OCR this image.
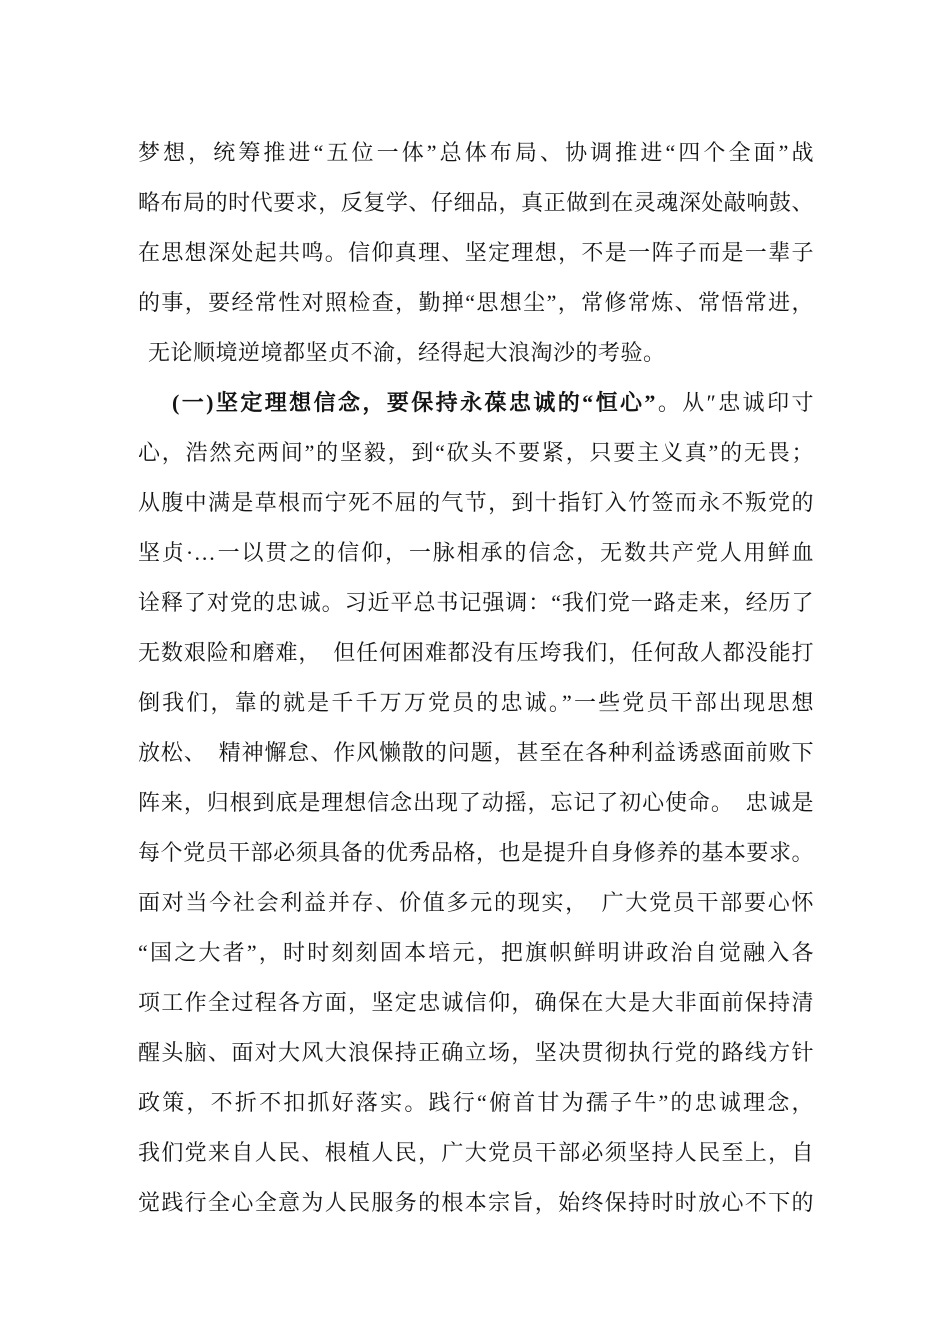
梦想，统筹推进“五位一体”总体布局、协调推进“四个全面”战
略布局的时代要求，反复学、仔细品，真正做到在灵魂深处敲响鼓、
在思想深处起共鸣。信仰真理、坚定理想，不是一阵子而是一辈子
的事，要经常性对照检查，勤掸“思想尘”，常修常炼、常悟常进，
无论顺境逆境都坚贞不渝，经得起大浪淘沙的考验。
(一)坚定理想信念，要保持永葆忠诚的“恒心”。从″忠诚印寸
心，浩然充两间”的坚毅，到“砍头不要紧，只要主义真”的无畏；
从腹中满是草根而宁死不屈的气节，到十指钉入竹签而永不叛党的
坚贞·…一以贯之的信仰，一脉相承的信念，无数共产党人用鲜血
诠释了对党的忠诚。习近平总书记强调：“我们党一路走来，经历了
无数艰险和磨难，　但任何困难都没有压垮我们，任何敌人都没能打
倒我们，靠的就是千千万万党员的忠诚。”一些党员干部出现思想
放松、　精神懈怠、作风懒散的问题，甚至在各种利益诱惑面前败下
阵来，归根到底是理想信念出现了动摇，忘记了初心使命。　忠诚是
每个党员干部必须具备的优秀品格，也是提升自身修养的基本要求。
面对当今社会利益并存、价值多元的现实，　广大党员干部要心怀
“国之大者”，时时刻刻固本培元，把旗帜鲜明讲政治自觉融入各
项工作全过程各方面，坚定忠诚信仰，确保在大是大非面前保持清
醒头脑、面对大风大浪保持正确立场，坚决贯彻执行党的路线方针
政策，不折不扣抓好落实。践行“俯首甘为孺子牛”的忠诚理念，
我们党来自人民、根植人民，广大党员干部必须坚持人民至上，自
觉践行全心全意为人民服务的根本宗旨，始终保持时时放心不下的
